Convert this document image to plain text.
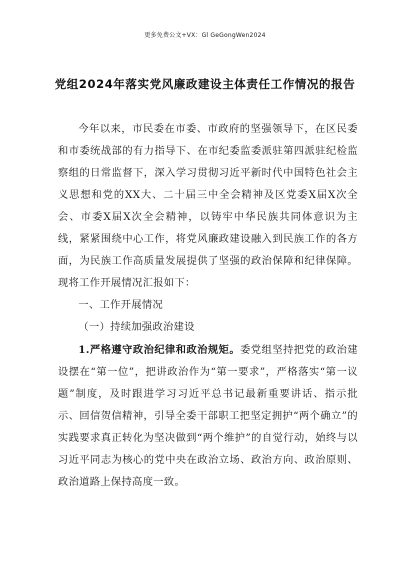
更多免费公文+VX：Gl GeGongWen2024
党组2024年落实党风廉政建设主体责任工作情况的报告

今年以来，市民委在市委、市政府的坚强领导下，在区民委和市委统战部的有力指导下、在市纪委监委派驻第四派驻纪检监察组的日常监督下，深入学习贯彻习近平新时代中国特色社会主义思想和党的XX大、二十届三中全会精神及区党委X届X次全会、市委X届X次全会精神，以铸牢中华民族共同体意识为主线，紧紧围绕中心工作，将党风廉政建设融入到民族工作的各方面，为民族工作高质量发展提供了坚强的政治保障和纪律保障。现将工作开展情况汇报如下：

一、工作开展情况

（一）持续加强政治建设

1.严格遵守政治纪律和政治规矩。委党组坚持把党的政治建设摆在“第一位”，把讲政治作为“第一要求”，严格落实“第一议题”制度，及时跟进学习习近平总书记最新重要讲话、指示批示、回信贺信精神，引导全委干部职工把坚定拥护“两个确立”的实践要求真正转化为坚决做到“两个维护”的自觉行动，始终与以习近平同志为核心的党中央在政治立场、政治方向、政治原则、政治道路上保持高度一致。
